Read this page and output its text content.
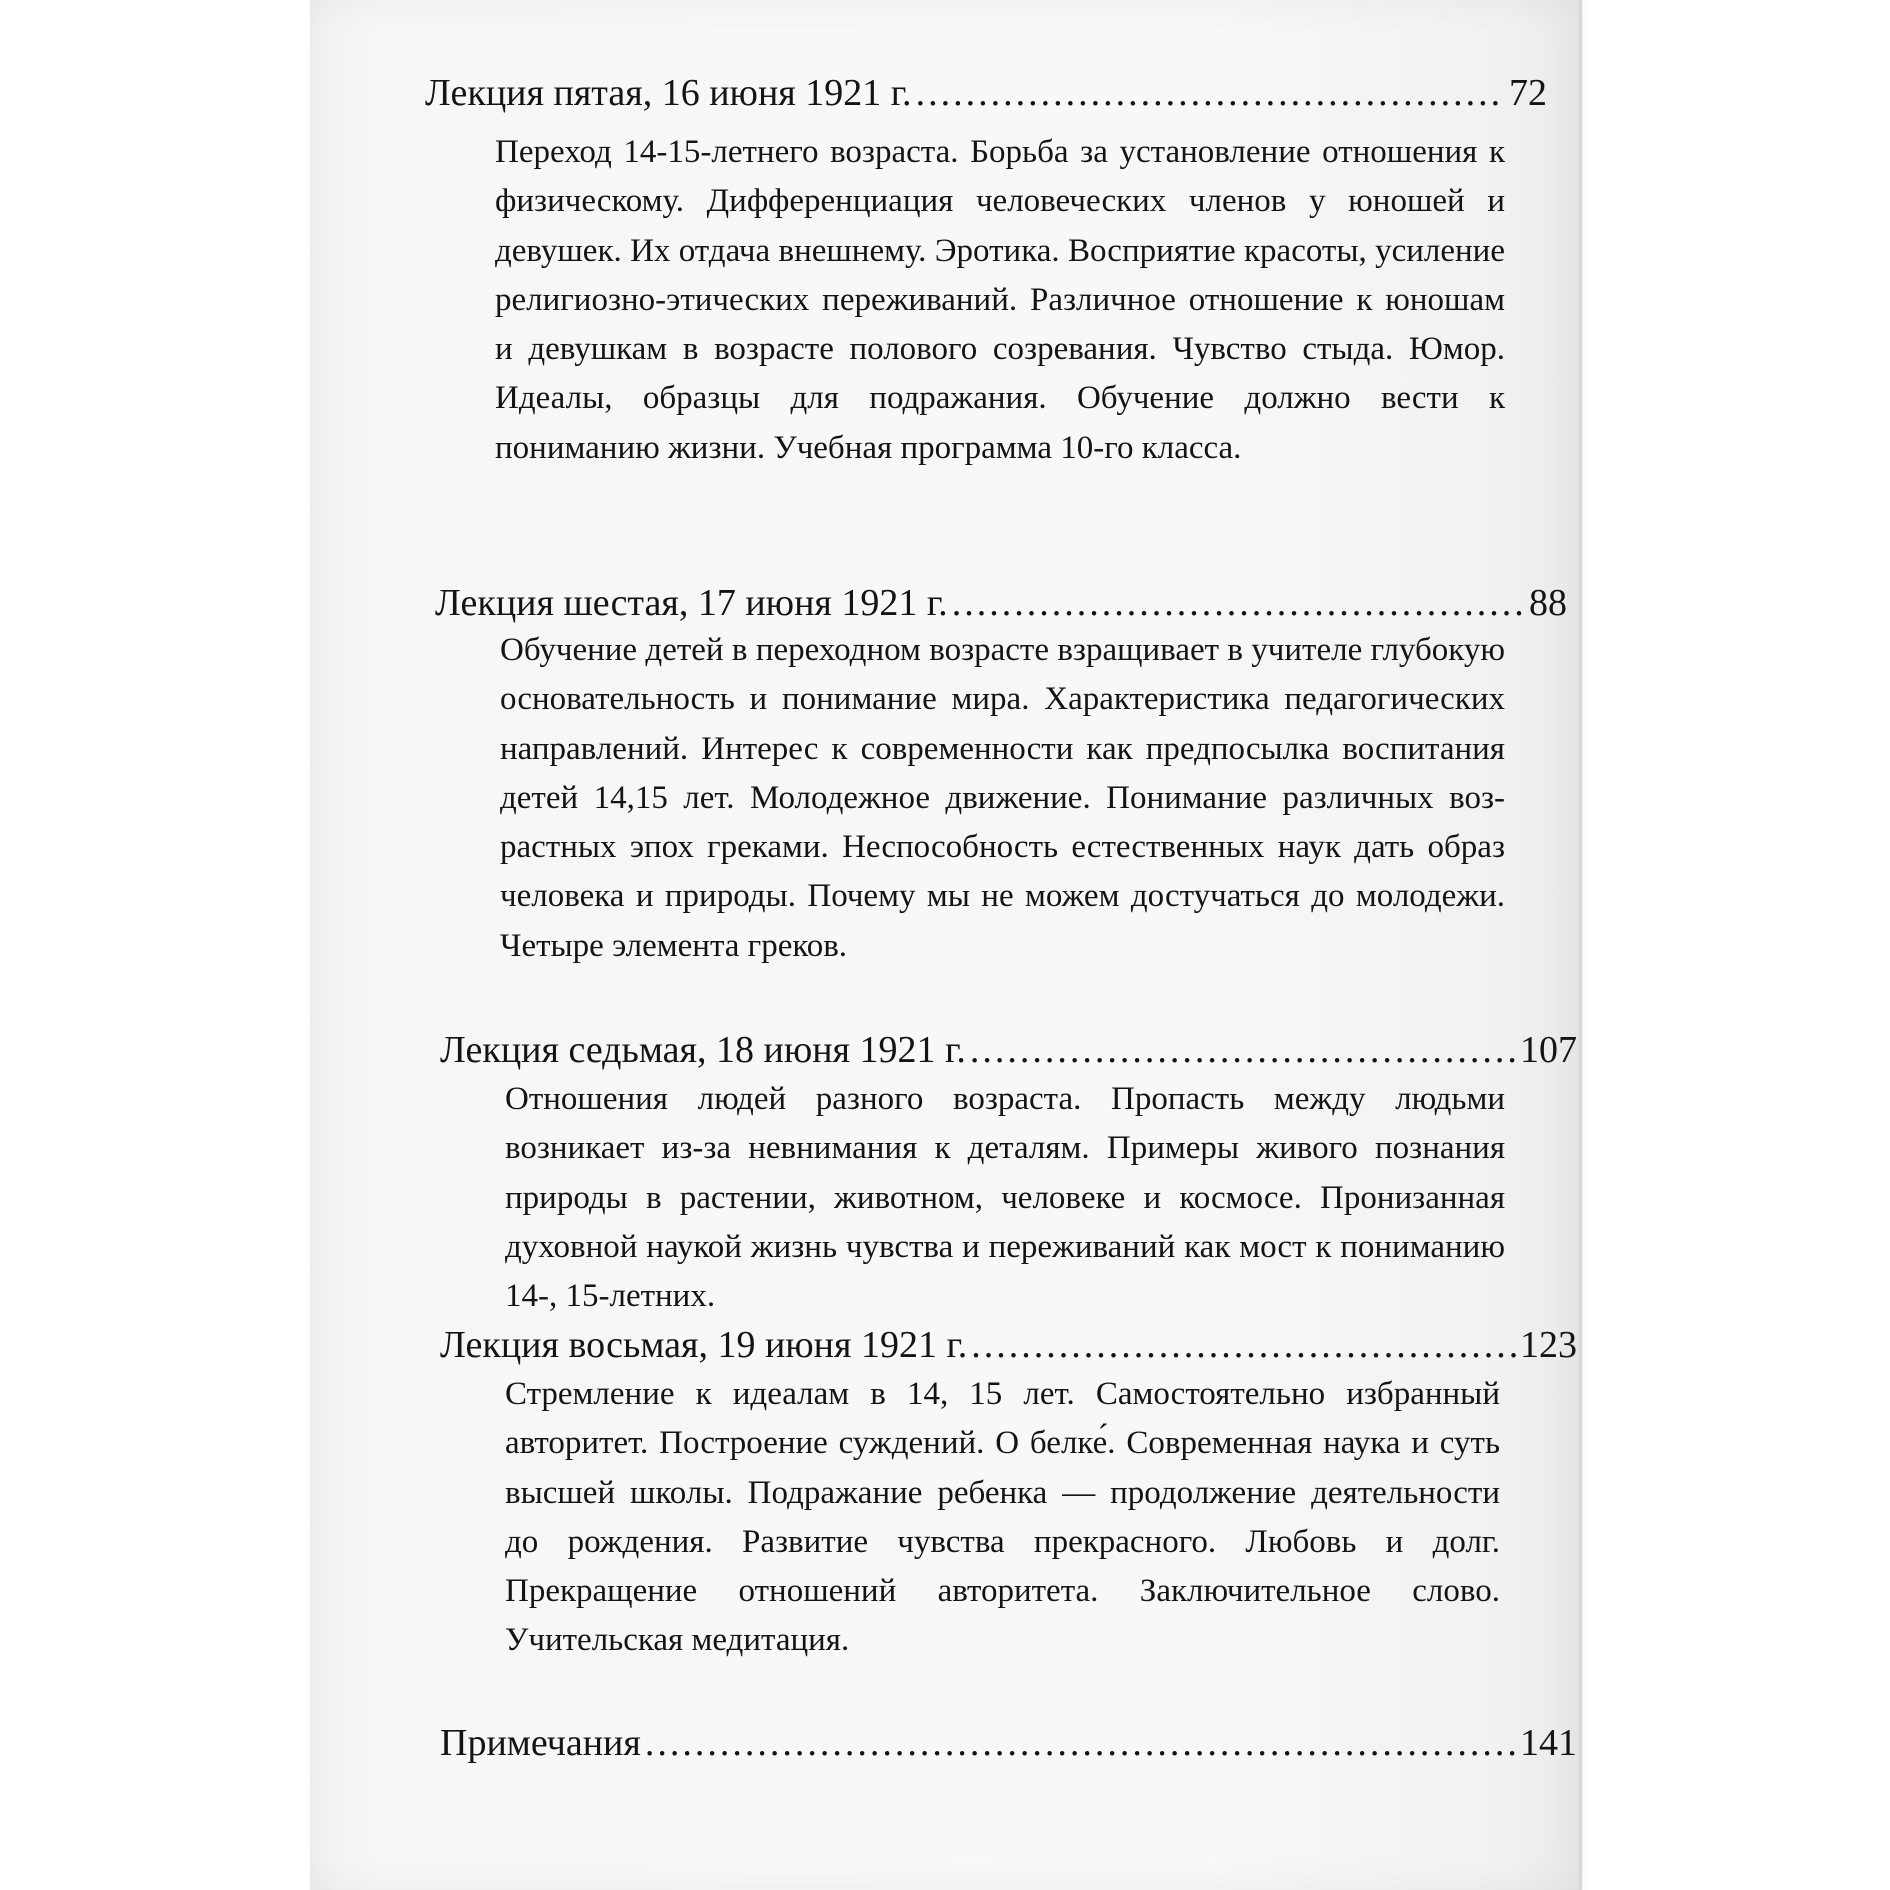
Лекция пятая, 16 июня 1921 г. .....	72

Переход 14-15-летнего возраста. Борьба за установление отношения к физическому. Дифференциация человеческих членов у юношей и девушек. Их отдача внешнему. Эротика. Восприятие красоты, усиление религиозно-этических переживаний. Различное отношение к юношам и девушкам в возрасте полового созревания. Чувство стыда. Юмор. Идеалы, образцы для подражания. Обучение должно вести к пониманию жизни. Учебная программа 10-го класса.

Лекция шестая, 17 июня 1921 г. .....	88

Обучение детей в переходном возрасте взращивает в учителе глубокую основательность и понимание мира. Характеристика педагогических направлений. Интерес к современности как предпосылка воспитания детей 14,15 лет. Молодежное движение. Понимание различных возрастных эпох греками. Неспособность естественных наук дать образ человека и природы. Почему мы не можем достучаться до молодежи. Четыре элемента греков.

Лекция седьмая, 18 июня 1921 г. .....	107

Отношения людей разного возраста. Пропасть между людьми возникает из-за невнимания к деталям. Примеры живого познания природы в растении, животном, человеке и космосе. Пронизанная духовной наукой жизнь чувства и переживаний как мост к пониманию 14-, 15-летних.

Лекция восьмая, 19 июня 1921 г. .....	123

Стремление к идеалам в 14, 15 лет. Самостоятельно избранный авторитет. Построение суждений. О белке́. Современная наука и суть высшей школы. Подражание ребенка — продолжение деятельности до рождения. Развитие чувства прекрасного. Любовь и долг. Прекращение отношений авторитета. Заключительное слово. Учительская медитация.

Примечания .....	141
